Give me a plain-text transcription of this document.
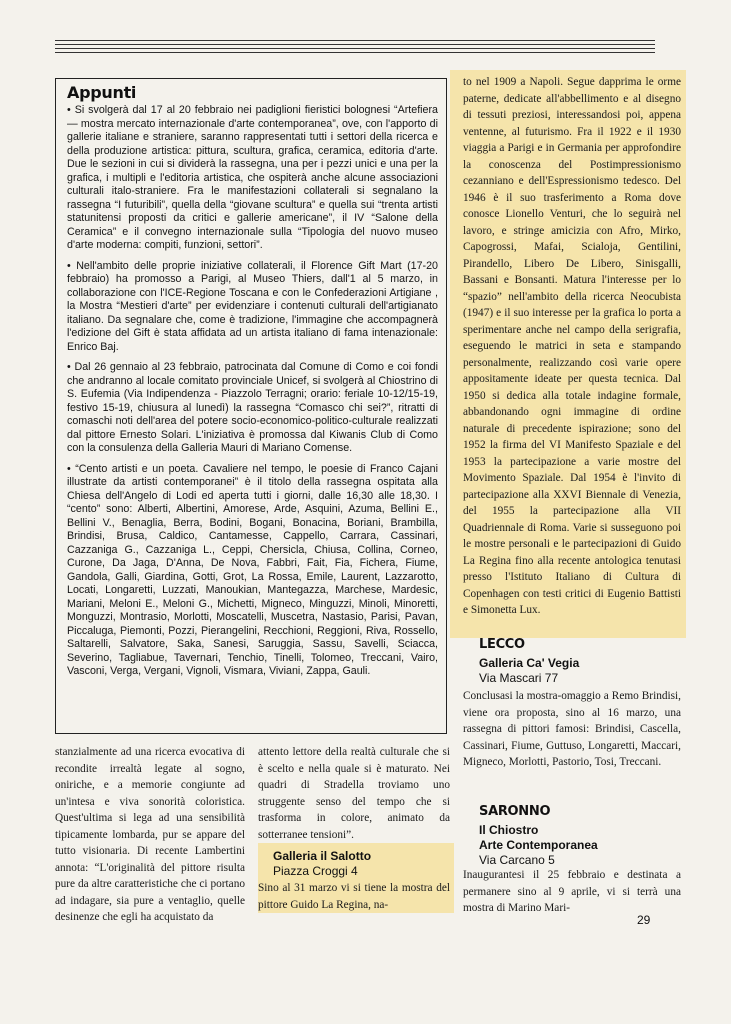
Appunti

• Si svolgerà dal 17 al 20 febbraio nei padiglioni fieristici bolognesi “Artefiera — mostra mercato internazionale d'arte contemporanea”, ove, con l'apporto di gallerie italiane e straniere, saranno rappresentati tutti i settori della ricerca e della produzione artistica: pittura, scultura, grafica, ceramica, editoria d'arte. Due le sezioni in cui si dividerà la rassegna, una per i pezzi unici e una per la grafica, i multipli e l'editoria artistica, che ospiterà anche alcune associazioni culturali italo-straniere. Fra le manifestazioni collaterali si segnalano la rassegna “I futuribili”, quella della “giovane scultura” e quella sui “trenta artisti statunitensi proposti da critici e gallerie americane”, il IV “Salone della Ceramica” e il convegno internazionale sulla “Tipologia del nuovo museo d'arte moderna: compiti, funzioni, settori”.

• Nell'ambito delle proprie iniziative collaterali, il Florence Gift Mart (17-20 febbraio) ha promosso a Parigi, al Museo Thiers, dall'1 al 5 marzo, in collaborazione con l'ICE-Regione Toscana e con le Confederazioni Artigiane , la Mostra “Mestieri d'arte” per evidenziare i contenuti culturali dell'artigianato italiano. Da segnalare che, come è tradizione, l'immagine che accompagnerà l'edizione del Gift è stata affidata ad un artista italiano di fama intenazionale: Enrico Baj.

• Dal 26 gennaio al 23 febbraio, patrocinata dal Comune di Como e coi fondi che andranno al locale comitato provinciale Unicef, si svolgerà al Chiostrino di S. Eufemia (Via Indipendenza - Piazzolo Terragni; orario: feriale 10-12/15-19, festivo 15-19, chiusura al lunedì) la rassegna “Comasco chi sei?”, ritratti di comaschi noti dell'area del potere socio-economico-politico-culturale realizzati dal pittore Ernesto Solari. L'iniziativa è promossa dal Kiwanis Club di Como con la consulenza della Galleria Mauri di Mariano Comense.

• “Cento artisti e un poeta. Cavaliere nel tempo, le poesie di Franco Cajani illustrate da artisti contemporanei” è il titolo della rassegna ospitata alla Chiesa dell'Angelo di Lodi ed aperta tutti i giorni, dalle 16,30 alle 18,30. I “cento” sono: Alberti, Albertini, Amorese, Arde, Asquini, Azuma, Bellini E., Bellini V., Benaglia, Berra, Bodini, Bogani, Bonacina, Boriani, Brambilla, Brindisi, Brusa, Caldico, Cantamesse, Cappello, Carrara, Cassinari, Cazzaniga G., Cazzaniga L., Ceppi, Chersicla, Chiusa, Collina, Corneo, Curone, Da Jaga, D'Anna, De Nova, Fabbri, Fait, Fia, Fichera, Fiume, Gandola, Galli, Giardina, Gotti, Grot, La Rossa, Emile, Laurent, Lazzarotto, Locati, Longaretti, Luzzati, Manoukian, Mantegazza, Marchese, Mardesic, Mariani, Meloni E., Meloni G., Michetti, Migneco, Minguzzi, Minoli, Minoretti, Monguzzi, Montrasio, Morlotti, Moscatelli, Muscetra, Nastasio, Parisi, Pavan, Piccaluga, Piemonti, Pozzi, Pierangelini, Recchioni, Reggioni, Riva, Rossello, Saltarelli, Salvatore, Saka, Sanesi, Saruggia, Sassu, Savelli, Sciacca, Severino, Tagliabue, Tavernari, Tenchio, Tinelli, Tolomeo, Treccani, Vairo, Vasconi, Verga, Vergani, Vignoli, Vismara, Viviani, Zappa, Gauli.

to nel 1909 a Napoli. Segue dapprima le orme paterne, dedicate all'abbellimento e al disegno di tessuti preziosi, interessandosi poi, appena ventenne, al futurismo. Fra il 1922 e il 1930 viaggia a Parigi e in Germania per approfondire la conoscenza del Postimpressionismo cezanniano e dell'Espressionismo tedesco. Del 1946 è il suo trasferimento a Roma dove conosce Lionello Venturi, che lo seguirà nel lavoro, e stringe amicizia con Afro, Mirko, Capogrossi, Mafai, Scialoja, Gentilini, Pirandello, Libero De Libero, Sinisgalli, Bassani e Bonsanti. Matura l'interesse per lo “spazio” nell'ambito della ricerca Neocubista (1947) e il suo interesse per la grafica lo porta a sperimentare anche nel campo della serigrafia, eseguendo le matrici in seta e stampando personalmente, realizzando così varie opere appositamente ideate per questa tecnica. Dal 1950 si dedica alla totale indagine formale, abbandonando ogni immagine di ordine naturale di precedente ispirazione; sono del 1952 la firma del VI Manifesto Spaziale e del 1953 la partecipazione a varie mostre del Movimento Spaziale. Dal 1954 è l'invito di partecipazione alla XXVI Biennale di Venezia, del 1955 la partecipazione alla VII Quadriennale di Roma. Varie si susseguono poi le mostre personali e le partecipazioni di Guido La Regina fino alla recente antologica tenutasi presso l'Istituto Italiano di Cultura di Copenhagen con testi critici di Eugenio Battisti e Simonetta Lux.

LECCO

Galleria Ca' Vegia
Via Mascari 77

Conclusasi la mostra-omaggio a Remo Brindisi, viene ora proposta, sino al 16 marzo, una rassegna di pittori famosi: Brindisi, Cascella, Cassinari, Fiume, Guttuso, Longaretti, Maccari, Migneco, Morlotti, Pastorio, Tosi, Treccani.

SARONNO

Il Chiostro
Arte Contemporanea
Via Carcano 5

Inaugurantesi il 25 febbraio e destinata a permanere sino al 9 aprile, vi si terrà una mostra di Marino Mari-

stanzialmente ad una ricerca evocativa di recondite irrealtà legate al sogno, oniriche, e a memorie congiunte ad un'intesa e viva sonorità coloristica. Quest'ultima si lega ad una sensibilità tipicamente lombarda, pur se appare del tutto visionaria. Di recente Lambertini annota: “L'originalità del pittore risulta pure da altre caratteristiche che ci portano ad indagare, sia pure a ventaglio, quelle desinenze che egli ha acquistato da

attento lettore della realtà culturale che si è scelto e nella quale si è maturato. Nei quadri di Stradella troviamo uno struggente senso del tempo che si trasforma in colore, animato da sotterranee tensioni”.

Galleria il Salotto
Piazza Croggi 4

Sino al 31 marzo vi si tiene la mostra del pittore Guido La Regina, na-

29
